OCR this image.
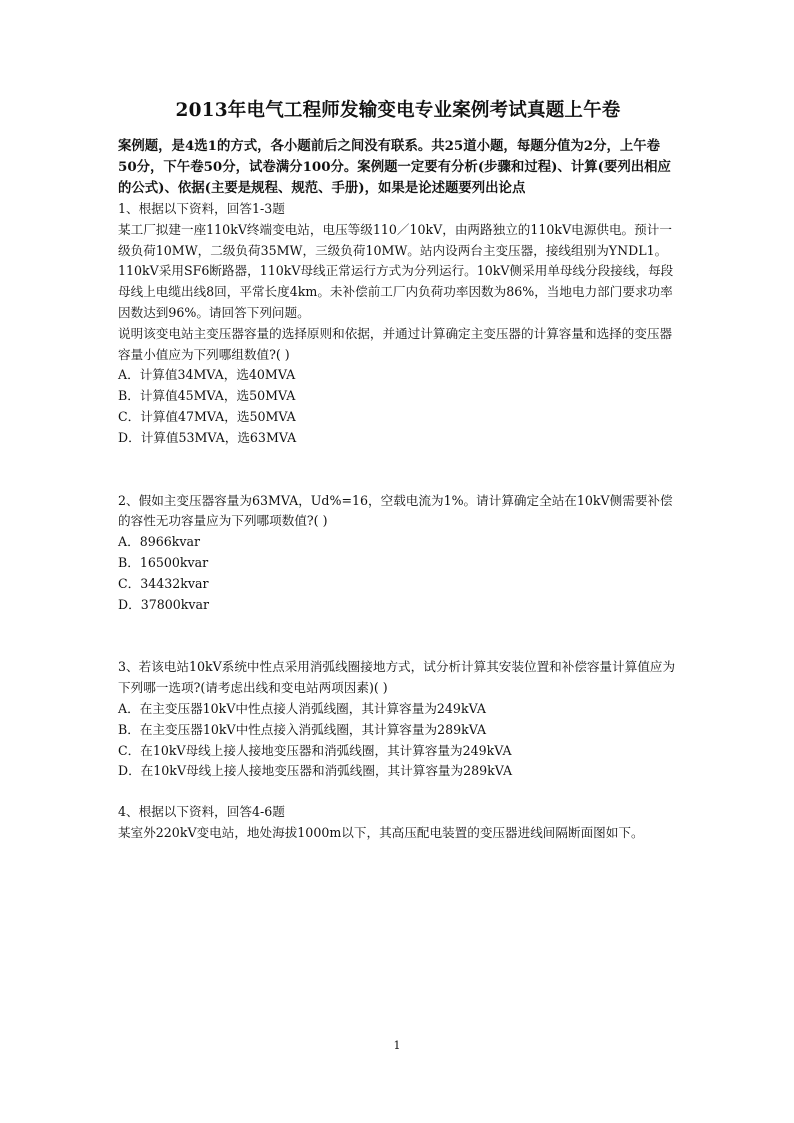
2013年电气工程师发输变电专业案例考试真题上午卷

案例题，是4选1的方式，各小题前后之间没有联系。共25道小题，每题分值为2分，上午卷50分，下午卷50分，试卷满分100分。案例题一定要有分析(步骤和过程)、计算(要列出相应的公式)、依据(主要是规程、规范、手册)，如果是论述题要列出论点

1、根据以下资料，回答1-3题

某工厂拟建一座110kV终端变电站，电压等级110／10kV，由两路独立的110kV电源供电。预计一级负荷10MW，二级负荷35MW，三级负荷10MW。站内设两台主变压器，接线组别为YNDL1。110kV采用SF6断路器，110kV母线正常运行方式为分列运行。10kV侧采用单母线分段接线，每段母线上电缆出线8回，平常长度4km。未补偿前工厂内负荷功率因数为86%，当地电力部门要求功率因数达到96%。请回答下列问题。

说明该变电站主变压器容量的选择原则和依据，并通过计算确定主变压器的计算容量和选择的变压器容量小值应为下列哪组数值?( )

A．计算值34MVA，选40MVA

B．计算值45MVA，选50MVA

C．计算值47MVA，选50MVA

D．计算值53MVA，选63MVA

2、假如主变压器容量为63MVA，Ud%=16，空载电流为1%。请计算确定全站在10kV侧需要补偿的容性无功容量应为下列哪项数值?( )

A．8966kvar

B．16500kvar

C．34432kvar

D．37800kvar

3、若该电站10kV系统中性点采用消弧线圈接地方式，试分析计算其安装位置和补偿容量计算值应为下列哪一选项?(请考虑出线和变电站两项因素)( )

A．在主变压器10kV中性点接人消弧线圈，其计算容量为249kVA

B．在主变压器10kV中性点接入消弧线圈，其计算容量为289kVA

C．在10kV母线上接人接地变压器和消弧线圈，其计算容量为249kVA

D．在10kV母线上接人接地变压器和消弧线圈，其计算容量为289kVA

4、根据以下资料，回答4-6题

某室外220kV变电站，地处海拔1000m以下，其高压配电装置的变压器进线间隔断面图如下。

1
